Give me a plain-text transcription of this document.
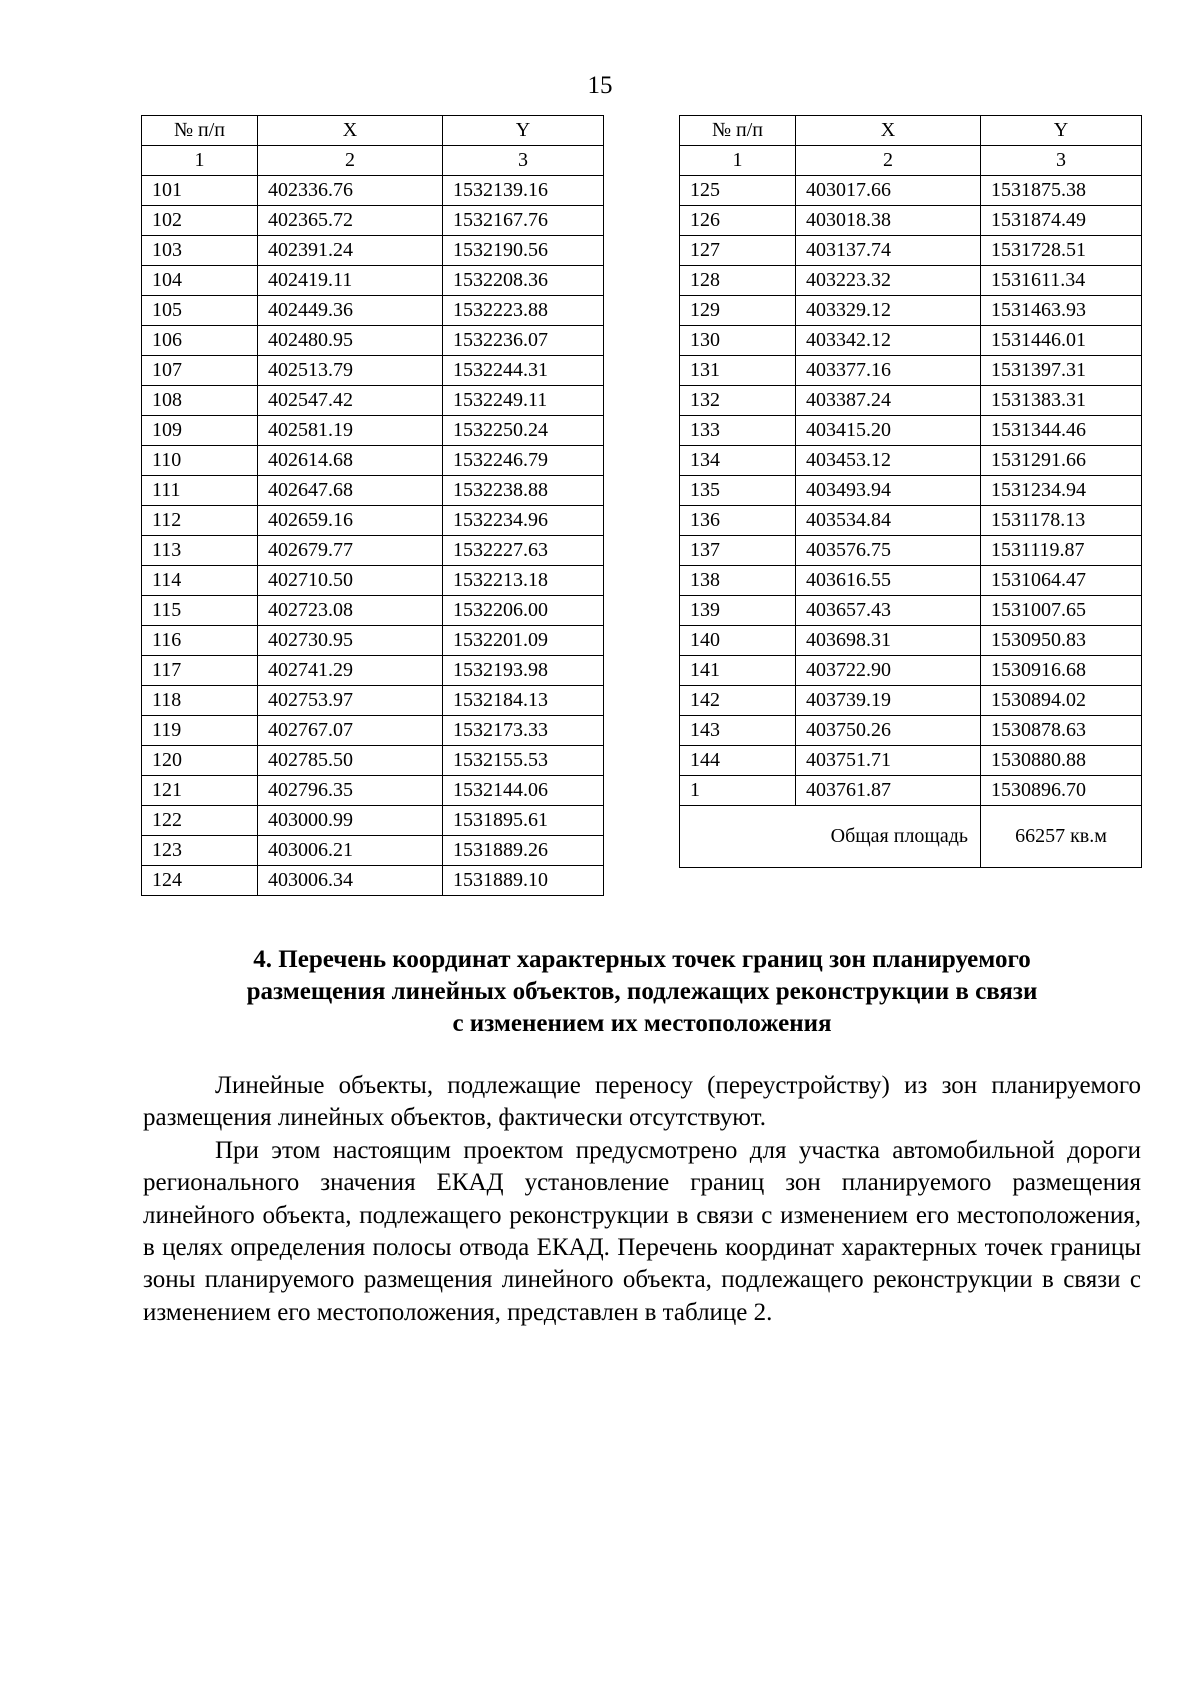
15
№ п/п	X	Y
1	2	3
101	402336.76	1532139.16
102	402365.72	1532167.76
103	402391.24	1532190.56
104	402419.11	1532208.36
105	402449.36	1532223.88
106	402480.95	1532236.07
107	402513.79	1532244.31
108	402547.42	1532249.11
109	402581.19	1532250.24
110	402614.68	1532246.79
111	402647.68	1532238.88
112	402659.16	1532234.96
113	402679.77	1532227.63
114	402710.50	1532213.18
115	402723.08	1532206.00
116	402730.95	1532201.09
117	402741.29	1532193.98
118	402753.97	1532184.13
119	402767.07	1532173.33
120	402785.50	1532155.53
121	402796.35	1532144.06
122	403000.99	1531895.61
123	403006.21	1531889.26
124	403006.34	1531889.10
№ п/п	X	Y
1	2	3
125	403017.66	1531875.38
126	403018.38	1531874.49
127	403137.74	1531728.51
128	403223.32	1531611.34
129	403329.12	1531463.93
130	403342.12	1531446.01
131	403377.16	1531397.31
132	403387.24	1531383.31
133	403415.20	1531344.46
134	403453.12	1531291.66
135	403493.94	1531234.94
136	403534.84	1531178.13
137	403576.75	1531119.87
138	403616.55	1531064.47
139	403657.43	1531007.65
140	403698.31	1530950.83
141	403722.90	1530916.68
142	403739.19	1530894.02
143	403750.26	1530878.63
144	403751.71	1530880.88
1	403761.87	1530896.70
Общая площадь		66257 кв.м
4. Перечень координат характерных точек границ зон планируемого
размещения линейных объектов, подлежащих реконструкции в связи
с изменением их местоположения

Линейные объекты, подлежащие переносу (переустройству) из зон планируемого размещения линейных объектов, фактически отсутствуют.

При этом настоящим проектом предусмотрено для участка автомобильной дороги регионального значения ЕКАД установление границ зон планируемого размещения линейного объекта, подлежащего реконструкции в связи с изменением его местоположения, в целях определения полосы отвода ЕКАД. Перечень координат характерных точек границы зоны планируемого размещения линейного объекта, подлежащего реконструкции в связи с изменением его местоположения, представлен в таблице 2.
